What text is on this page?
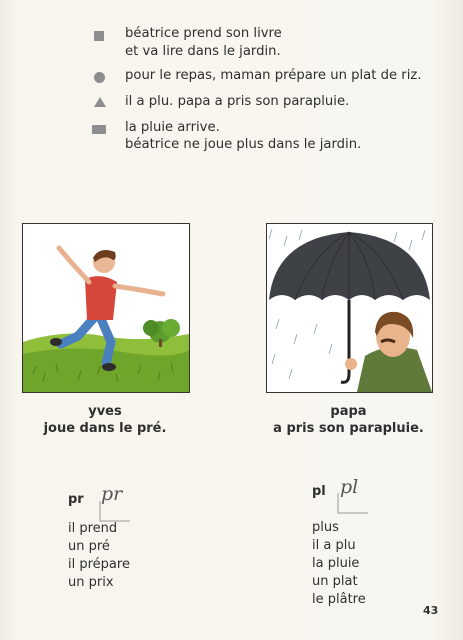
béatrice prend son livre
et va lire dans le jardin.
pour le repas, maman prépare un plat de riz.
il a plu. papa a pris son parapluie.
la pluie arrive.
béatrice ne joue plus dans le jardin.
yves
joue dans le pré.
papa
a pris son parapluie.
pr pr
il prend
un pré
il prépare
un prix
pl pl
plus
il a plu
la pluie
un plat
le plâtre
43
